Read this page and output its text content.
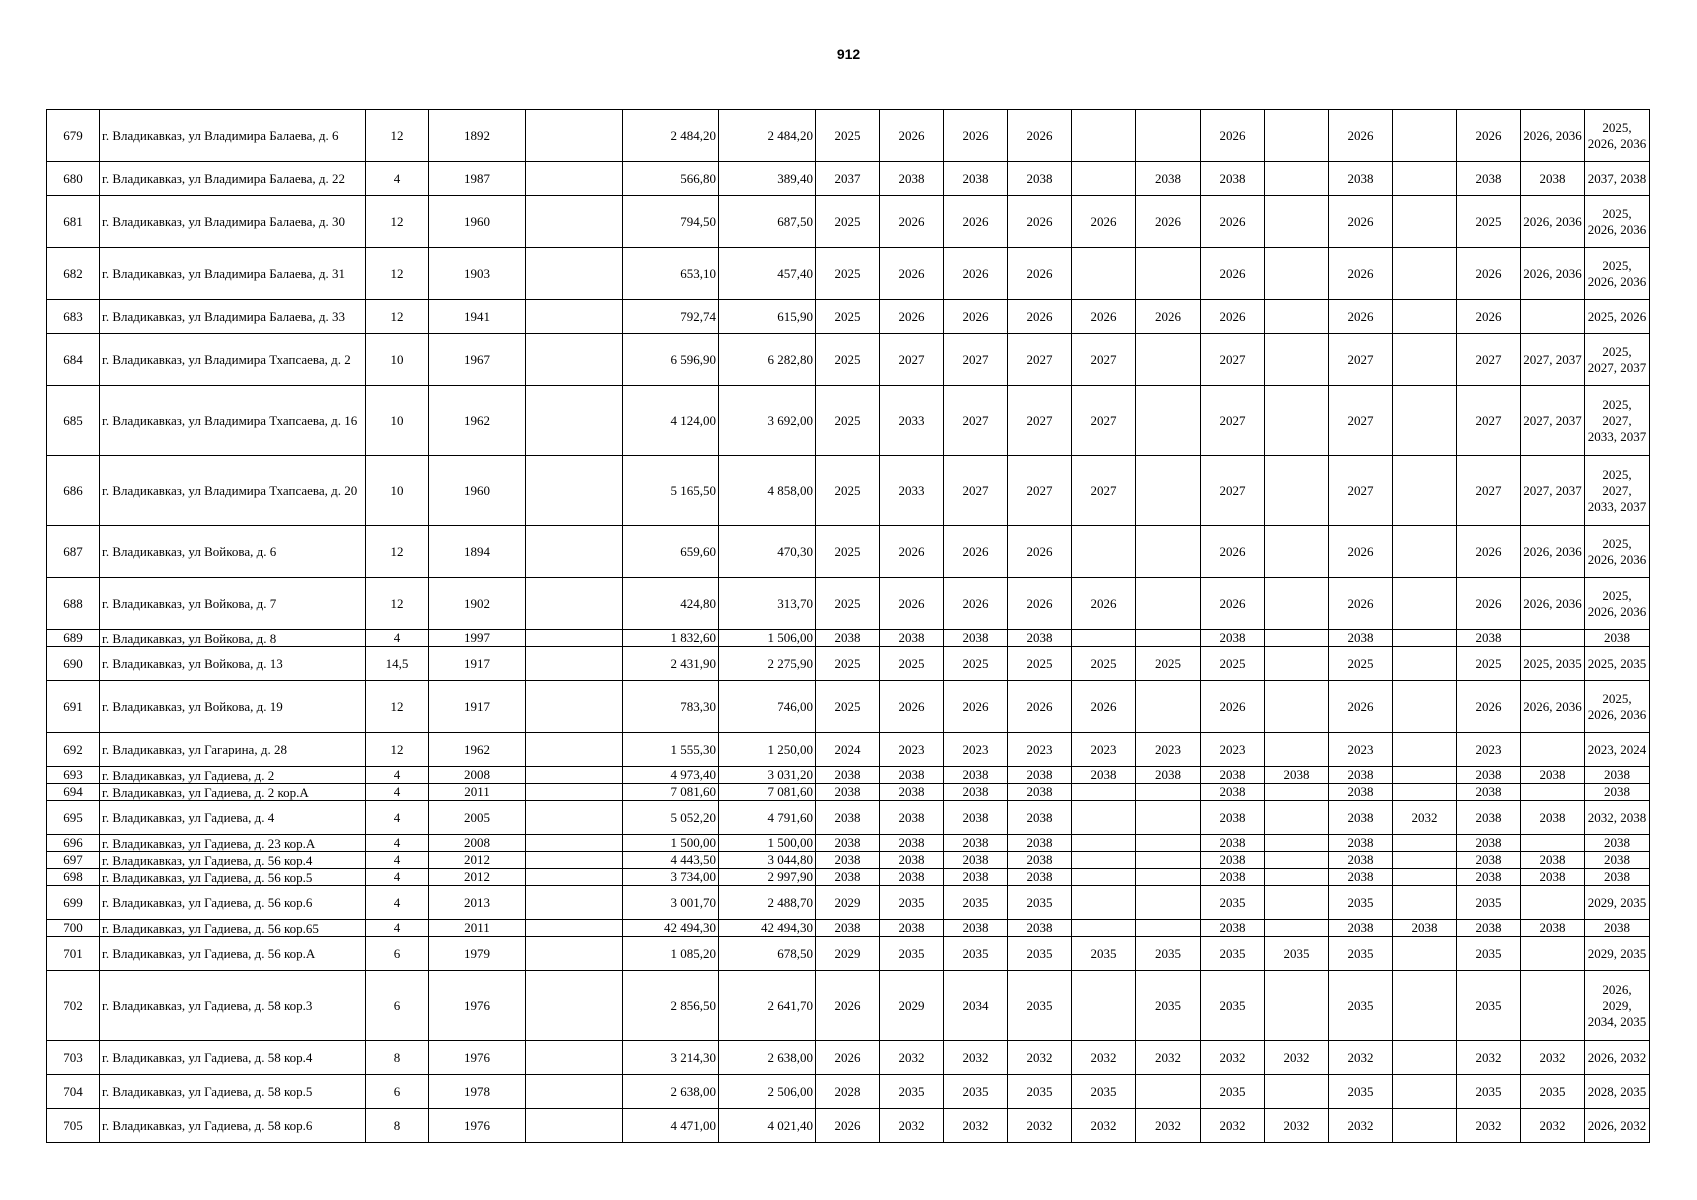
912
679	г. Владикавказ, ул Владимира Балаева, д. 6	12	1892		2 484,20	2 484,20	2025	2026	2026	2026			2026		2026		2026	2026, 2036	2025, 2026, 2036
680	г. Владикавказ, ул Владимира Балаева, д. 22	4	1987		566,80	389,40	2037	2038	2038	2038		2038	2038		2038		2038	2038	2037, 2038
681	г. Владикавказ, ул Владимира Балаева, д. 30	12	1960		794,50	687,50	2025	2026	2026	2026	2026	2026	2026		2026		2025	2026, 2036	2025, 2026, 2036
682	г. Владикавказ, ул Владимира Балаева, д. 31	12	1903		653,10	457,40	2025	2026	2026	2026			2026		2026		2026	2026, 2036	2025, 2026, 2036
683	г. Владикавказ, ул Владимира Балаева, д. 33	12	1941		792,74	615,90	2025	2026	2026	2026	2026	2026	2026		2026		2026		2025, 2026
684	г. Владикавказ, ул Владимира Тхапсаева, д. 2	10	1967		6 596,90	6 282,80	2025	2027	2027	2027	2027		2027		2027		2027	2027, 2037	2025, 2027, 2037
685	г. Владикавказ, ул Владимира Тхапсаева, д. 16	10	1962		4 124,00	3 692,00	2025	2033	2027	2027	2027		2027		2027		2027	2027, 2037	2025, 2027, 2033, 2037
686	г. Владикавказ, ул Владимира Тхапсаева, д. 20	10	1960		5 165,50	4 858,00	2025	2033	2027	2027	2027		2027		2027		2027	2027, 2037	2025, 2027, 2033, 2037
687	г. Владикавказ, ул Войкова, д. 6	12	1894		659,60	470,30	2025	2026	2026	2026			2026		2026		2026	2026, 2036	2025, 2026, 2036
688	г. Владикавказ, ул Войкова, д. 7	12	1902		424,80	313,70	2025	2026	2026	2026	2026		2026		2026		2026	2026, 2036	2025, 2026, 2036
689	г. Владикавказ, ул Войкова, д. 8	4	1997		1 832,60	1 506,00	2038	2038	2038	2038			2038		2038		2038		2038
690	г. Владикавказ, ул Войкова, д. 13	14,5	1917		2 431,90	2 275,90	2025	2025	2025	2025	2025	2025	2025		2025		2025	2025, 2035	2025, 2035
691	г. Владикавказ, ул Войкова, д. 19	12	1917		783,30	746,00	2025	2026	2026	2026	2026		2026		2026		2026	2026, 2036	2025, 2026, 2036
692	г. Владикавказ, ул Гагарина, д. 28	12	1962		1 555,30	1 250,00	2024	2023	2023	2023	2023	2023	2023		2023		2023		2023, 2024
693	г. Владикавказ, ул Гадиева, д. 2	4	2008		4 973,40	3 031,20	2038	2038	2038	2038	2038	2038	2038	2038	2038		2038	2038	2038
694	г. Владикавказ, ул Гадиева, д. 2 кор.А	4	2011		7 081,60	7 081,60	2038	2038	2038	2038			2038		2038		2038		2038
695	г. Владикавказ, ул Гадиева, д. 4	4	2005		5 052,20	4 791,60	2038	2038	2038	2038			2038		2038	2032	2038	2038	2032, 2038
696	г. Владикавказ, ул Гадиева, д. 23 кор.А	4	2008		1 500,00	1 500,00	2038	2038	2038	2038			2038		2038		2038		2038
697	г. Владикавказ, ул Гадиева, д. 56 кор.4	4	2012		4 443,50	3 044,80	2038	2038	2038	2038			2038		2038		2038	2038	2038
698	г. Владикавказ, ул Гадиева, д. 56 кор.5	4	2012		3 734,00	2 997,90	2038	2038	2038	2038			2038		2038		2038	2038	2038
699	г. Владикавказ, ул Гадиева, д. 56 кор.6	4	2013		3 001,70	2 488,70	2029	2035	2035	2035			2035		2035		2035		2029, 2035
700	г. Владикавказ, ул Гадиева, д. 56 кор.65	4	2011		42 494,30	42 494,30	2038	2038	2038	2038			2038		2038	2038	2038	2038	2038
701	г. Владикавказ, ул Гадиева, д. 56 кор.А	6	1979		1 085,20	678,50	2029	2035	2035	2035	2035	2035	2035	2035	2035		2035		2029, 2035
702	г. Владикавказ, ул Гадиева, д. 58 кор.3	6	1976		2 856,50	2 641,70	2026	2029	2034	2035		2035	2035		2035		2035		2026, 2029, 2034, 2035
703	г. Владикавказ, ул Гадиева, д. 58 кор.4	8	1976		3 214,30	2 638,00	2026	2032	2032	2032	2032	2032	2032	2032	2032		2032	2032	2026, 2032
704	г. Владикавказ, ул Гадиева, д. 58 кор.5	6	1978		2 638,00	2 506,00	2028	2035	2035	2035	2035		2035		2035		2035	2035	2028, 2035
705	г. Владикавказ, ул Гадиева, д. 58 кор.6	8	1976		4 471,00	4 021,40	2026	2032	2032	2032	2032	2032	2032	2032	2032		2032	2032	2026, 2032
